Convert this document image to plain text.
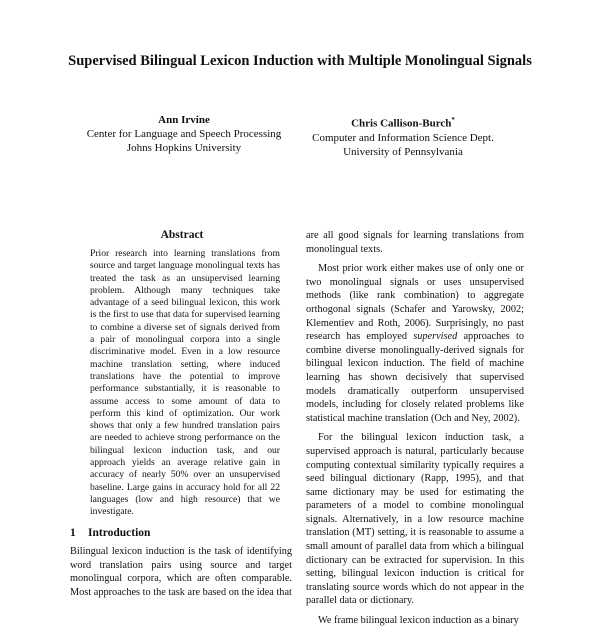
Supervised Bilingual Lexicon Induction with Multiple Monolingual Signals
Ann Irvine
Center for Language and Speech Processing
Johns Hopkins University
Chris Callison-Burch*
Computer and Information Science Dept.
University of Pennsylvania
Abstract
Prior research into learning translations from source and target language monolingual texts has treated the task as an unsupervised learning problem. Although many techniques take advantage of a seed bilingual lexicon, this work is the first to use that data for supervised learning to combine a diverse set of signals derived from a pair of monolingual corpora into a single discriminative model. Even in a low resource machine translation setting, where induced translations have the potential to improve performance substantially, it is reasonable to assume access to some amount of data to perform this kind of optimization. Our work shows that only a few hundred translation pairs are needed to achieve strong performance on the bilingual lexicon induction task, and our approach yields an average relative gain in accuracy of nearly 50% over an unsupervised baseline. Large gains in accuracy hold for all 22 languages (low and high resource) that we investigate.
1 Introduction
Bilingual lexicon induction is the task of identifying word translation pairs using source and target monolingual corpora, which are often comparable. Most approaches to the task are based on the idea that

are all good signals for learning translations from monolingual texts.

Most prior work either makes use of only one or two monolingual signals or uses unsupervised methods (like rank combination) to aggregate orthogonal signals (Schafer and Yarowsky, 2002; Klementiev and Roth, 2006). Surprisingly, no past research has employed supervised approaches to combine diverse monolingually-derived signals for bilingual lexicon induction. The field of machine learning has shown decisively that supervised models dramatically outperform unsupervised models, including for closely related problems like statistical machine translation (Och and Ney, 2002).

For the bilingual lexicon induction task, a supervised approach is natural, particularly because computing contextual similarity typically requires a seed bilingual dictionary (Rapp, 1995), and that same dictionary may be used for estimating the parameters of a model to combine monolingual signals. Alternatively, in a low resource machine translation (MT) setting, it is reasonable to assume a small amount of parallel data from which a bilingual dictionary can be extracted for supervision. In this setting, bilingual lexicon induction is critical for translating source words which do not appear in the parallel data or dictionary.

We frame bilingual lexicon induction as a binary
